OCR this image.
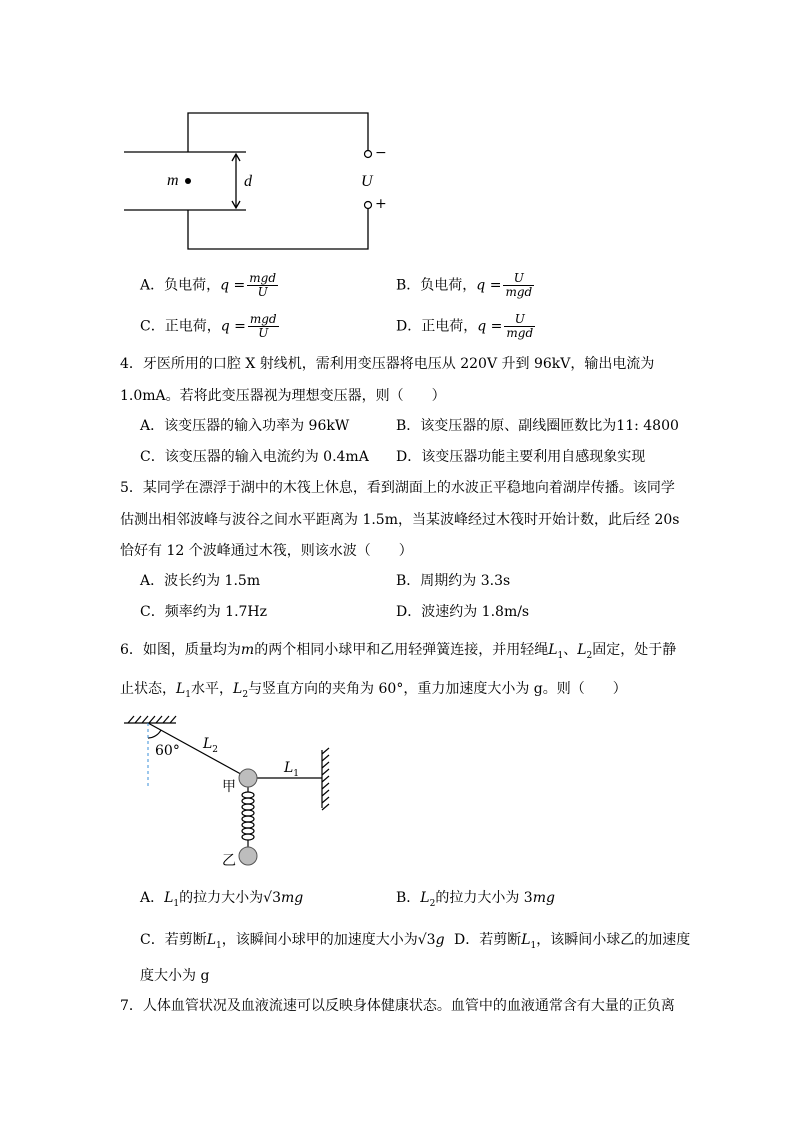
m	d	U
−
+
A．负电荷，$q = \frac{\text{mgd}}{U}$	B．负电荷，$q = \frac{U}{\text{mgd}}$
C．正电荷，$q = \frac{\text{mgd}}{U}$	D．正电荷，$q = \frac{U}{\text{mgd}}$
4．牙医所用的口腔 X 射线机，需利用变压器将电压从 220V 升到 96kV，输出电流为
1.0mA。若将此变压器视为理想变压器，则（　　）
A．该变压器的输入功率为 96kW	B．该变压器的原、副线圈匝数比为11: 4800
C．该变压器的输入电流约为 0.4mA D．该变压器功能主要利用自感现象实现
5．某同学在漂浮于湖中的木筏上休息，看到湖面上的水波正平稳地向着湖岸传播。该同学
估测出相邻波峰与波谷之间水平距离为 1.5m，当某波峰经过木筏时开始计数，此后经 20s
恰好有 12 个波峰通过木筏，则该水波（　　）
A．波长约为 1.5m	B．周期约为 3.3s
C．频率约为 1.7Hz	D．波速约为 1.8m/s
6．如图，质量均为m的两个相同小球甲和乙用轻弹簧连接，并用轻绳$L_1$、$L_2$固定，处于静
止状态，$L_1$水平，$L_2$与竖直方向的夹角为 60°，重力加速度大小为 g。则（　　）
60° $L_2$
$L_1$
甲
乙
A．$L_1$的拉力大小为√3mg	B．$L_2$的拉力大小为 3mg
C．若剪断$L_1$，该瞬间小球甲的加速度大小为√3g D．若剪断$L_1$，该瞬间小球乙的加速度
度大小为 g
7．人体血管状况及血液流速可以反映身体健康状态。血管中的血液通常含有大量的正负离
